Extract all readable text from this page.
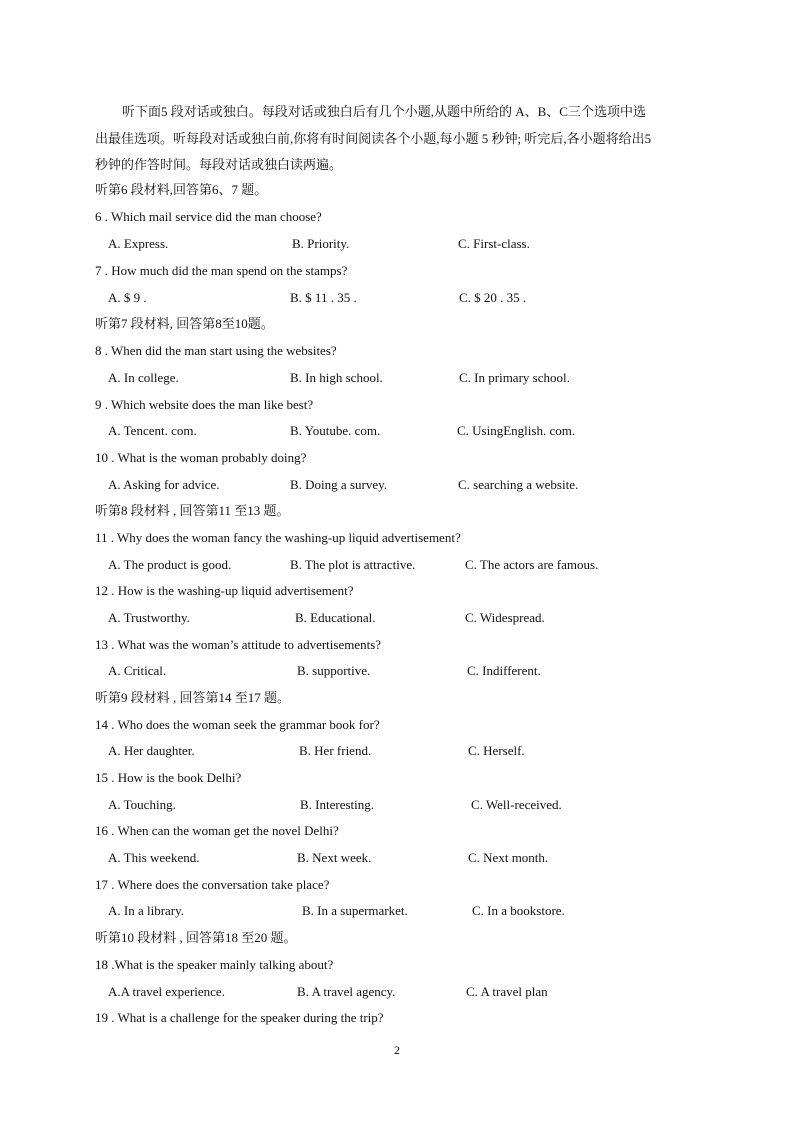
听下面5 段对话或独白。每段对话或独白后有几个小题,从题中所给的 A、B、C三个选项中选
出最佳选项。听每段对话或独白前,你将有时间阅读各个小题,每小题 5 秒钟; 听完后,各小题将给出5
秒钟的作答时间。每段对话或独白读两遍。
听第6 段材料,回答第6、7 题。
6 . Which mail service did the man choose?
A. Express.	B. Priority.	C. First-class.
7 . How much did the man spend on the stamps?
A. $ 9 .	B. $ 11 . 35 .	C. $ 20 . 35 .
听第7 段材料, 回答第8至10题。
8 . When did the man start using the websites?
A. In college.	B. In high school.	C. In primary school.
9 . Which website does the man like best?
A. Tencent. com.	B. Youtube. com.	C. UsingEnglish. com.
10 . What is the woman probably doing?
A. Asking for advice.	B. Doing a survey.	C. searching a website.
听第8 段材料 , 回答第11 至13 题。
11 . Why does the woman fancy the washing-up liquid advertisement?
A. The product is good.	B. The plot is attractive.	C. The actors are famous.
12 . How is the washing-up liquid advertisement?
A. Trustworthy.	B. Educational.	C. Widespread.
13 . What was the woman’s attitude to advertisements?
A. Critical.	B. supportive.	C. Indifferent.
听第9 段材料 , 回答第14 至17 题。
14 . Who does the woman seek the grammar book for?
A. Her daughter.	B. Her friend.	C. Herself.
15 . How is the book Delhi?
A. Touching.	B. Interesting.	C. Well-received.
16 . When can the woman get the novel Delhi?
A. This weekend.	B. Next week.	C. Next month.
17 . Where does the conversation take place?
A. In a library.	B. In a supermarket.	C. In a bookstore.
听第10 段材料 , 回答第18 至20 题。
18 .What is the speaker mainly talking about?
A.A travel experience.	B. A travel agency.	C. A travel plan
19 . What is a challenge for the speaker during the trip?
2
